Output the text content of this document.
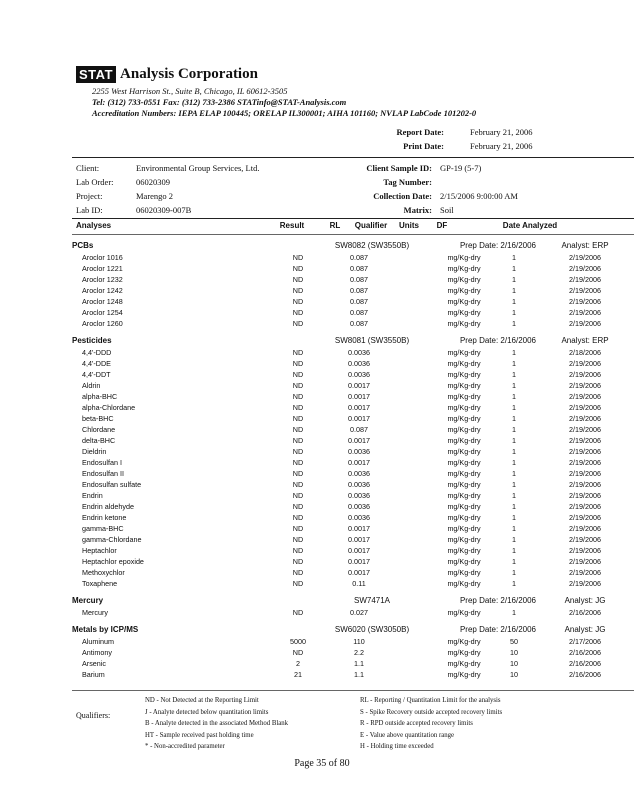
STAT Analysis Corporation
2255 West Harrison St., Suite B, Chicago, IL 60612-3505
Tel: (312) 733-0551 Fax: (312) 733-2386 STATinfo@STAT-Analysis.com
Accreditation Numbers: IEPA ELAP 100445; ORELAP IL300001; AIHA 101160; NVLAP LabCode 101202-0
Report Date:	February 21, 2006
Print Date:	February 21, 2006
Client:	Environmental Group Services, Ltd.	Client Sample ID: GP-19 (5-7)
Lab Order:	06020309	Tag Number:
Project:	Marengo 2	Collection Date: 2/15/2006 9:00:00 AM
Lab ID:	06020309-007B	Matrix: Soil
Analyses	Result	RL	Qualifier	Units	DF	Date Analyzed
PCBs	SW8082 (SW3550B)			Prep Date: 2/16/2006		Analyst: ERP
Aroclor 1016	ND	0.087		mg/Kg-dry	1	2/19/2006
Aroclor 1221	ND	0.087		mg/Kg-dry	1	2/19/2006
Aroclor 1232	ND	0.087		mg/Kg-dry	1	2/19/2006
Aroclor 1242	ND	0.087		mg/Kg-dry	1	2/19/2006
Aroclor 1248	ND	0.087		mg/Kg-dry	1	2/19/2006
Aroclor 1254	ND	0.087		mg/Kg-dry	1	2/19/2006
Aroclor 1260	ND	0.087		mg/Kg-dry	1	2/19/2006

Pesticides	SW8081 (SW3550B)			Prep Date: 2/16/2006		Analyst: ERP
4,4'-DDD	ND	0.0036		mg/Kg-dry	1	2/18/2006
4,4'-DDE	ND	0.0036		mg/Kg-dry	1	2/19/2006
4,4'-DDT	ND	0.0036		mg/Kg-dry	1	2/19/2006
Aldrin	ND	0.0017		mg/Kg-dry	1	2/19/2006
alpha-BHC	ND	0.0017		mg/Kg-dry	1	2/19/2006
alpha-Chlordane	ND	0.0017		mg/Kg-dry	1	2/19/2006
beta-BHC	ND	0.0017		mg/Kg-dry	1	2/19/2006
Chlordane	ND	0.087		mg/Kg-dry	1	2/19/2006
delta-BHC	ND	0.0017		mg/Kg-dry	1	2/19/2006
Dieldrin	ND	0.0036		mg/Kg-dry	1	2/19/2006
Endosulfan I	ND	0.0017		mg/Kg-dry	1	2/19/2006
Endosulfan II	ND	0.0036		mg/Kg-dry	1	2/19/2006
Endosulfan sulfate	ND	0.0036		mg/Kg-dry	1	2/19/2006
Endrin	ND	0.0036		mg/Kg-dry	1	2/19/2006
Endrin aldehyde	ND	0.0036		mg/Kg-dry	1	2/19/2006
Endrin ketone	ND	0.0036		mg/Kg-dry	1	2/19/2006
gamma-BHC	ND	0.0017		mg/Kg-dry	1	2/19/2006
gamma-Chlordane	ND	0.0017		mg/Kg-dry	1	2/19/2006
Heptachlor	ND	0.0017		mg/Kg-dry	1	2/19/2006
Heptachlor epoxide	ND	0.0017		mg/Kg-dry	1	2/19/2006
Methoxychlor	ND	0.0017		mg/Kg-dry	1	2/19/2006
Toxaphene	ND	0.11		mg/Kg-dry	1	2/19/2006

Mercury	SW7471A			Prep Date: 2/16/2006		Analyst: JG
Mercury	ND	0.027		mg/Kg-dry	1	2/16/2006

Metals by ICP/MS	SW6020 (SW3050B)			Prep Date: 2/16/2006		Analyst: JG
Aluminum	5000	110		mg/Kg-dry	50	2/17/2006
Antimony	ND	2.2		mg/Kg-dry	10	2/16/2006
Arsenic	2	1.1		mg/Kg-dry	10	2/16/2006
Barium	21	1.1		mg/Kg-dry	10	2/16/2006
Qualifiers:
ND - Not Detected at the Reporting Limit
J - Analyte detected below quantitation limits
B - Analyte detected in the associated Method Blank
HT - Sample received past holding time
* - Non-accredited parameter
RL - Reporting / Quantitation Limit for the analysis
S - Spike Recovery outside accepted recovery limits
R - RPD outside accepted recovery limits
E - Value above quantitation range
H - Holding time exceeded
Page 35 of 80
